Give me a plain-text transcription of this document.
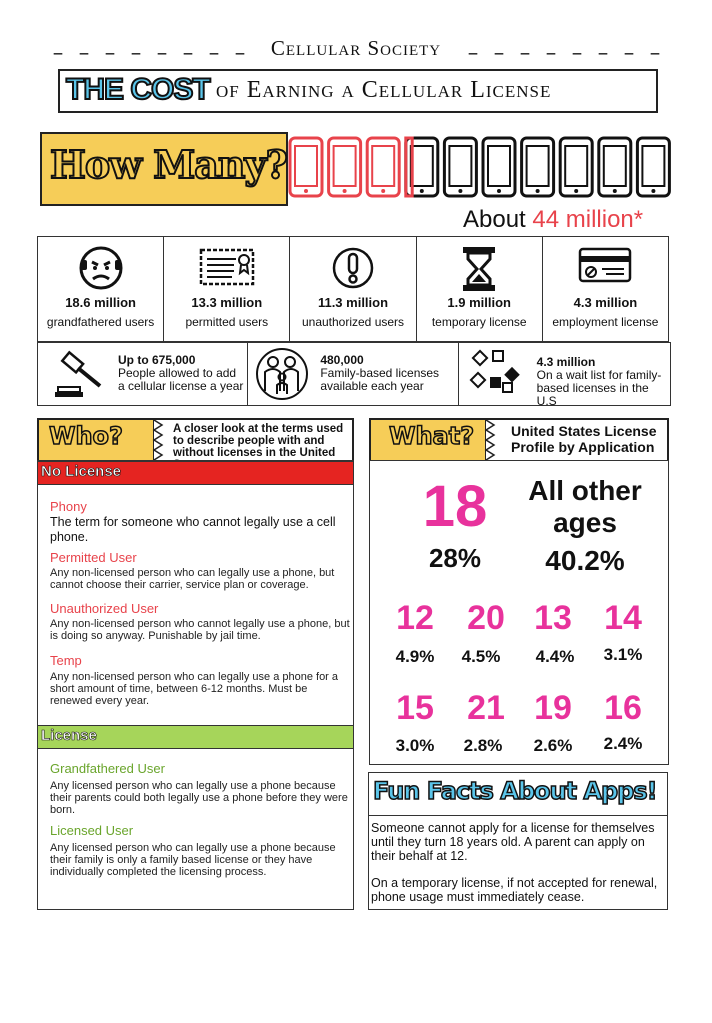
– – – – – – – –	Cellular Society	– – – – – – – –
THE COST of Earning a Cellular License
How Many?
About 44 million*
18.6 million
grandfathered users
13.3 million
permitted users
11.3 million
unauthorized users
1.9 million
temporary license
4.3 million
employment license
Up to 675,000
People allowed to add a cellular license a year
480,000
Family-based licenses available each year
4.3 million
On a wait list for family-based licenses in the U.S
Who?	A closer look at the terms used to describe people with and without licenses in the United
No License
Phony
The term for someone who cannot legally use a cell phone.
Permitted User
Any non-licensed person who can legally use a phone, but cannot choose their carrier, service plan or coverage.
Unauthorized User
Any non-licensed person who cannot legally use a phone, but is doing so anyway. Punishable by jail time.
Temp
Any non-licensed person who can legally use a phone for a short amount of time, between 6-12 months. Must be renewed every year.
License
Grandfathered User
Any licensed person who can legally use a phone because their parents could both legally use a phone before they were born.
Licensed User
Any licensed person who can legally use a phone because their family is only a family based license or they have individually completed the licensing process.
What?	United States License
Profile by Application
18
28%
All other
ages
40.2%
12
4.9%
20
4.5%
13
4.4%
14
3.1%
15
3.0%
21
2.8%
19
2.6%
16
2.4%
Fun Facts About Apps!
Someone cannot apply for a license for themselves until they turn 18 years old. A parent can apply on their behalf at 12.
On a temporary license, if not accepted for renewal, phone usage must immediately cease.
